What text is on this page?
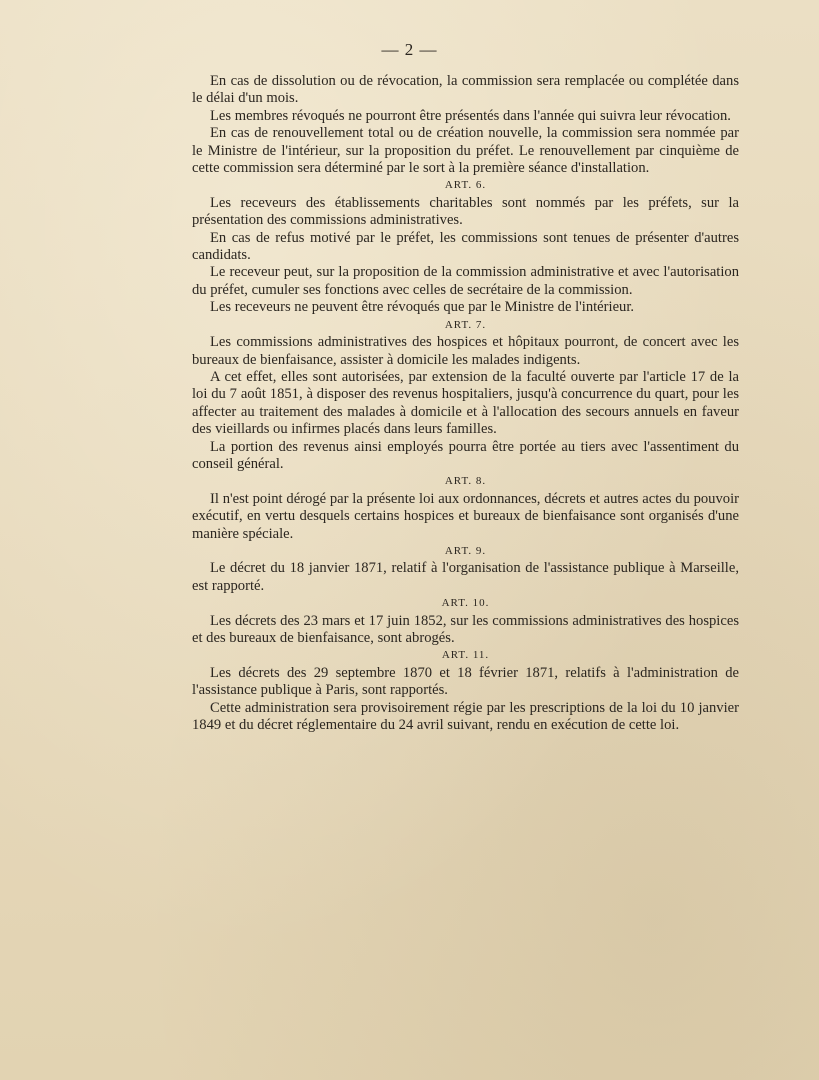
— 2 —

En cas de dissolution ou de révocation, la commission sera remplacée ou complétée dans le délai d'un mois.

Les membres révoqués ne pourront être présentés dans l'année qui suivra leur révocation.

En cas de renouvellement total ou de création nouvelle, la commission sera nommée par le Ministre de l'intérieur, sur la proposition du préfet. Le renouvellement par cinquième de cette commission sera déterminé par le sort à la première séance d'installation.

ART. 6.

Les receveurs des établissements charitables sont nommés par les préfets, sur la présentation des commissions administratives.

En cas de refus motivé par le préfet, les commissions sont tenues de présenter d'autres candidats.

Le receveur peut, sur la proposition de la commission administrative et avec l'autorisation du préfet, cumuler ses fonctions avec celles de secrétaire de la commission.

Les receveurs ne peuvent être révoqués que par le Ministre de l'intérieur.

ART. 7.

Les commissions administratives des hospices et hôpitaux pourront, de concert avec les bureaux de bienfaisance, assister à domicile les malades indigents.

A cet effet, elles sont autorisées, par extension de la faculté ouverte par l'article 17 de la loi du 7 août 1851, à disposer des revenus hospitaliers, jusqu'à concurrence du quart, pour les affecter au traitement des malades à domicile et à l'allocation des secours annuels en faveur des vieillards ou infirmes placés dans leurs familles.

La portion des revenus ainsi employés pourra être portée au tiers avec l'assentiment du conseil général.

ART. 8.

Il n'est point dérogé par la présente loi aux ordonnances, décrets et autres actes du pouvoir exécutif, en vertu desquels certains hospices et bureaux de bienfaisance sont organisés d'une manière spéciale.

ART. 9.

Le décret du 18 janvier 1871, relatif à l'organisation de l'assistance publique à Marseille, est rapporté.

ART. 10.

Les décrets des 23 mars et 17 juin 1852, sur les commissions administratives des hospices et des bureaux de bienfaisance, sont abrogés.

ART. 11.

Les décrets des 29 septembre 1870 et 18 février 1871, relatifs à l'administration de l'assistance publique à Paris, sont rapportés.

Cette administration sera provisoirement régie par les prescriptions de la loi du 10 janvier 1849 et du décret réglementaire du 24 avril suivant, rendu en exécution de cette loi.
